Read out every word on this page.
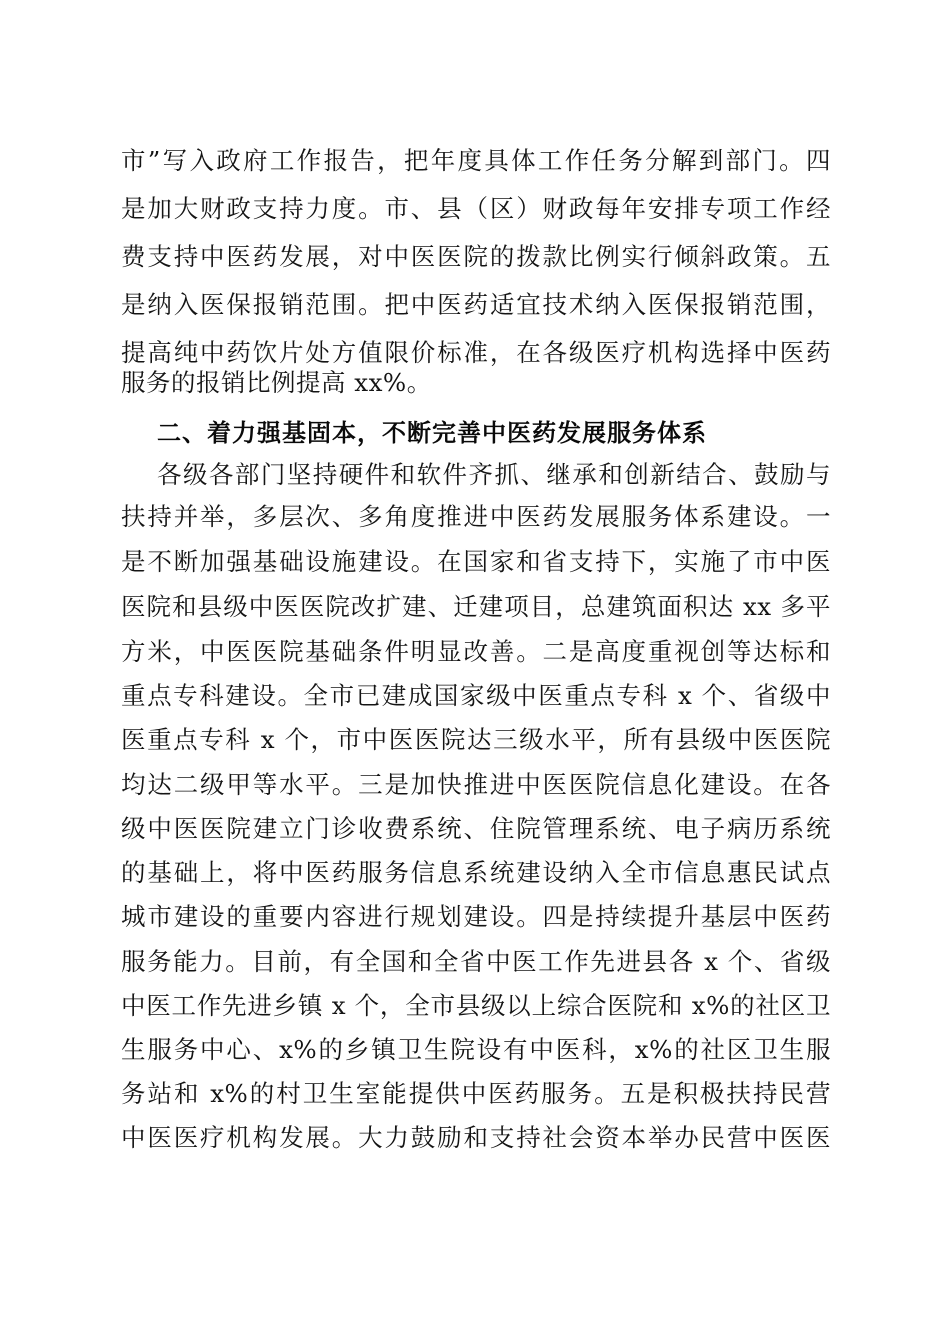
市”写入政府工作报告，把年度具体工作任务分解到部门。四
是加大财政支持力度。市、县（区）财政每年安排专项工作经
费支持中医药发展，对中医医院的拨款比例实行倾斜政策。五
是纳入医保报销范围。把中医药适宜技术纳入医保报销范围，
提高纯中药饮片处方值限价标准，在各级医疗机构选择中医药
服务的报销比例提高 xx%。
二、着力强基固本，不断完善中医药发展服务体系
各级各部门坚持硬件和软件齐抓、继承和创新结合、鼓励与
扶持并举，多层次、多角度推进中医药发展服务体系建设。一
是不断加强基础设施建设。在国家和省支持下，实施了市中医
医院和县级中医医院改扩建、迁建项目，总建筑面积达 xx 多平
方米，中医医院基础条件明显改善。二是高度重视创等达标和
重点专科建设。全市已建成国家级中医重点专科 x 个、省级中
医重点专科 x 个，市中医医院达三级水平，所有县级中医医院
均达二级甲等水平。三是加快推进中医医院信息化建设。在各
级中医医院建立门诊收费系统、住院管理系统、电子病历系统
的基础上，将中医药服务信息系统建设纳入全市信息惠民试点
城市建设的重要内容进行规划建设。四是持续提升基层中医药
服务能力。目前，有全国和全省中医工作先进县各 x 个、省级
中医工作先进乡镇 x 个，全市县级以上综合医院和 x%的社区卫
生服务中心、x%的乡镇卫生院设有中医科，x%的社区卫生服
务站和 x%的村卫生室能提供中医药服务。五是积极扶持民营
中医医疗机构发展。大力鼓励和支持社会资本举办民营中医医
